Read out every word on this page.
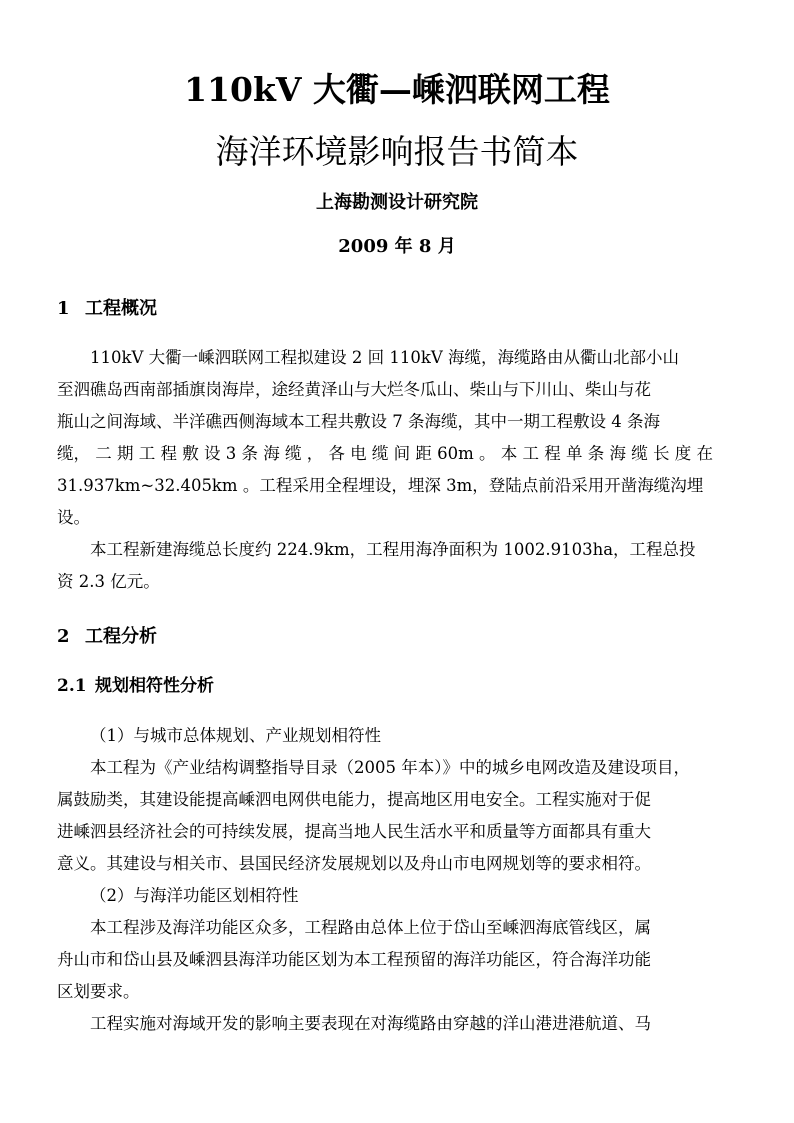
110kV 大衢—嵊泗联网工程
海洋环境影响报告书简本
上海勘测设计研究院
2009 年 8 月
1 工程概况
110kV 大衢一嵊泗联网工程拟建设 2 回 110kV 海缆，海缆路由从衢山北部小山
至泗礁岛西南部插旗岗海岸，途经黄泽山与大烂冬瓜山、柴山与下川山、柴山与花
瓶山之间海域、半洋礁西侧海域本工程共敷设 7 条海缆，其中一期工程敷设 4 条海
缆， 二 期 工 程 敷 设 3 条 海 缆 ， 各 电 缆 间 距 60m 。 本 工 程 单 条 海 缆 长 度 在
31.937km~32.405km 。工程采用全程埋设，埋深 3m，登陆点前沿采用开凿海缆沟埋
设。
本工程新建海缆总长度约 224.9km，工程用海净面积为 1002.9103ha，工程总投
资 2.3 亿元。
2 工程分析
2.1 规划相符性分析
（1）与城市总体规划、产业规划相符性
本工程为《产业结构调整指导目录（2005 年本）》中的城乡电网改造及建设项目，
属鼓励类，其建设能提高嵊泗电网供电能力，提高地区用电安全。工程实施对于促
进嵊泗县经济社会的可持续发展，提高当地人民生活水平和质量等方面都具有重大
意义。其建设与相关市、县国民经济发展规划以及舟山市电网规划等的要求相符。
（2）与海洋功能区划相符性
本工程涉及海洋功能区众多，工程路由总体上位于岱山至嵊泗海底管线区，属
舟山市和岱山县及嵊泗县海洋功能区划为本工程预留的海洋功能区，符合海洋功能
区划要求。
工程实施对海域开发的影响主要表现在对海缆路由穿越的洋山港进港航道、马
